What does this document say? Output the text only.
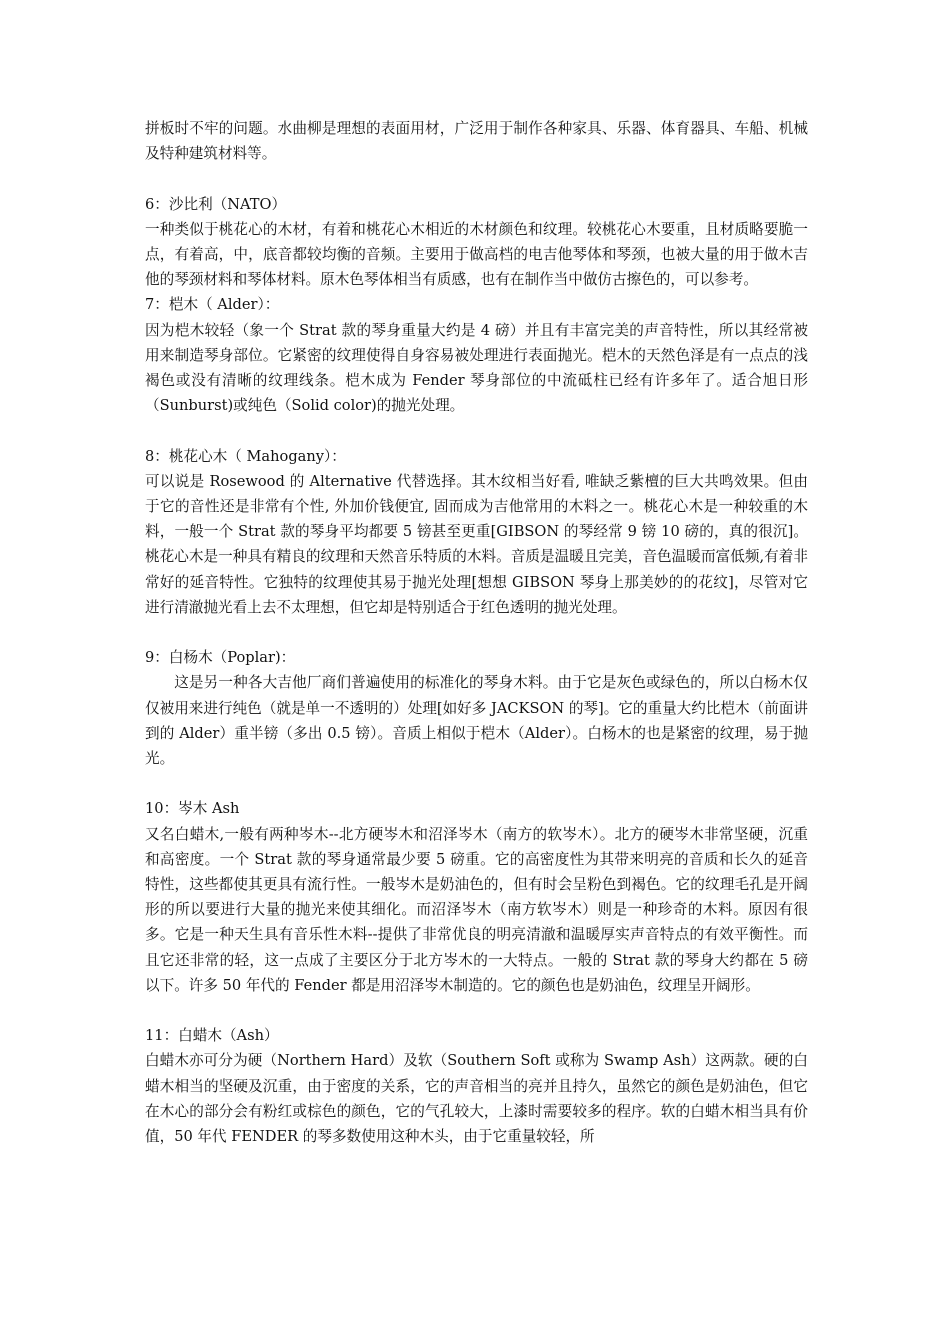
拼板时不牢的问题。水曲柳是理想的表面用材，广泛用于制作各种家具、乐器、体育器具、车船、机械及特种建筑材料等。

6：沙比利（NATO）

一种类似于桃花心的木材，有着和桃花心木相近的木材颜色和纹理。较桃花心木要重，且材质略要脆一点，有着高，中，底音都较均衡的音频。主要用于做高档的电吉他琴体和琴颈，也被大量的用于做木吉他的琴颈材料和琴体材料。原木色琴体相当有质感，也有在制作当中做仿古擦色的，可以参考。

7：桤木（ Alder）：

因为桤木较轻（象一个 Strat 款的琴身重量大约是 4 磅）并且有丰富完美的声音特性，所以其经常被用来制造琴身部位。它紧密的纹理使得自身容易被处理进行表面抛光。桤木的天然色泽是有一点点的浅褐色或没有清晰的纹理线条。桤木成为 Fender 琴身部位的中流砥柱已经有许多年了。适合旭日形（Sunburst)或纯色（Solid color)的抛光处理。

8：桃花心木（ Mahogany）：

可以说是 Rosewood 的 Alternative 代替选择。其木纹相当好看, 唯缺乏紫檀的巨大共鸣效果。但由于它的音性还是非常有个性, 外加价钱便宜, 固而成为吉他常用的木料之一。桃花心木是一种较重的木料，一般一个 Strat 款的琴身平均都要 5 镑甚至更重[GIBSON 的琴经常 9 镑 10 磅的，真的很沉]。桃花心木是一种具有精良的纹理和天然音乐特质的木料。音质是温暖且完美，音色温暖而富低频,有着非常好的延音特性。它独特的纹理使其易于抛光处理[想想 GIBSON 琴身上那美妙的的花纹]，尽管对它进行清澈抛光看上去不太理想，但它却是特别适合于红色透明的抛光处理。

9：白杨木（Poplar)：

这是另一种各大吉他厂商们普遍使用的标准化的琴身木料。由于它是灰色或绿色的，所以白杨木仅仅被用来进行纯色（就是单一不透明的）处理[如好多 JACKSON 的琴]。它的重量大约比桤木（前面讲到的 Alder）重半镑（多出 0.5 镑）。音质上相似于桤木（Alder）。白杨木的也是紧密的纹理，易于抛光。

10：岑木 Ash

又名白蜡木,一般有两种岑木--北方硬岑木和沼泽岑木（南方的软岑木）。北方的硬岑木非常坚硬，沉重和高密度。一个 Strat 款的琴身通常最少要 5 磅重。它的高密度性为其带来明亮的音质和长久的延音特性，这些都使其更具有流行性。一般岑木是奶油色的，但有时会呈粉色到褐色。它的纹理毛孔是开阔形的所以要进行大量的抛光来使其细化。而沼泽岑木（南方软岑木）则是一种珍奇的木料。原因有很多。它是一种天生具有音乐性木料--提供了非常优良的明亮清澈和温暖厚实声音特点的有效平衡性。而且它还非常的轻，这一点成了主要区分于北方岑木的一大特点。一般的 Strat 款的琴身大约都在 5 磅以下。许多 50 年代的 Fender 都是用沼泽岑木制造的。它的颜色也是奶油色，纹理呈开阔形。

11：白蜡木（Ash）

白蜡木亦可分为硬（Northern Hard）及软（Southern Soft 或称为 Swamp Ash）这两款。硬的白蜡木相当的坚硬及沉重，由于密度的关系，它的声音相当的亮并且持久，虽然它的颜色是奶油色，但它在木心的部分会有粉红或棕色的颜色，它的气孔较大，上漆时需要较多的程序。软的白蜡木相当具有价值，50 年代 FENDER 的琴多数使用这种木头，由于它重量较轻，所
